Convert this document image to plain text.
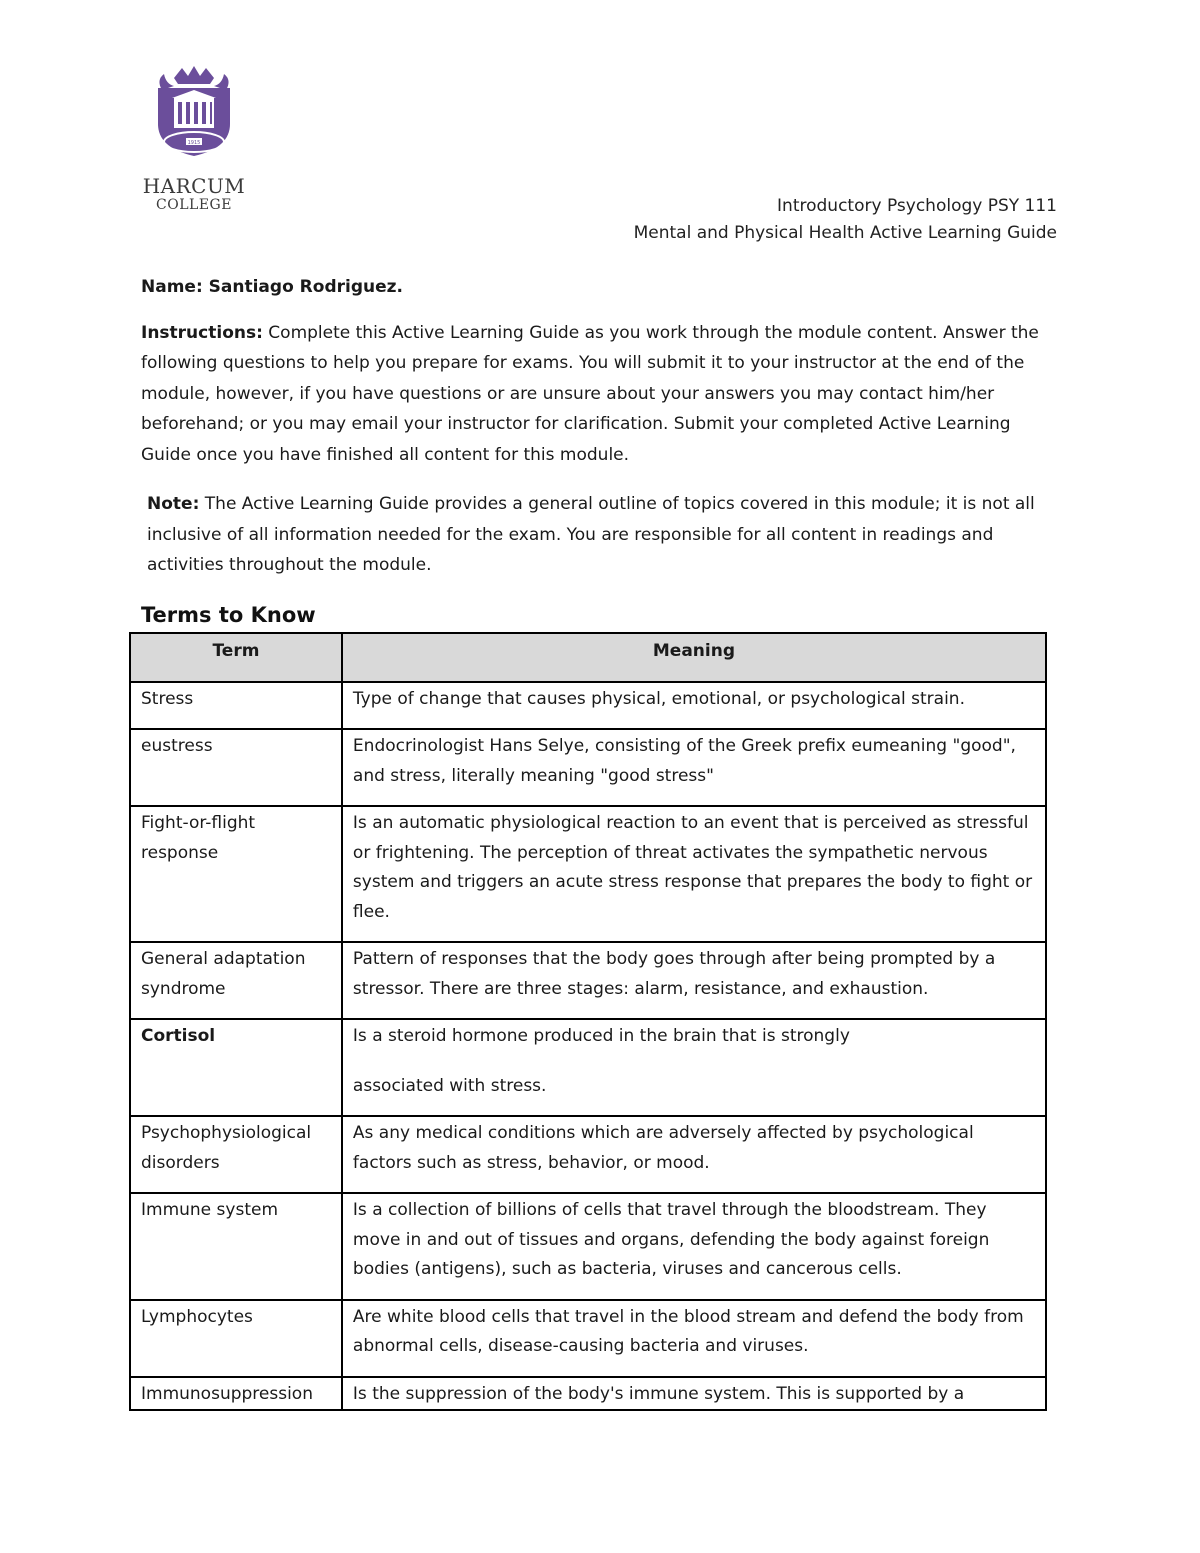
1915
HARCUM
COLLEGE	Introductory Psychology PSY 111
Mental and Physical Health Active Learning Guide

Name: Santiago Rodriguez.

Instructions: Complete this Active Learning Guide as you work through the module content. Answer the following questions to help you prepare for exams. You will submit it to your instructor at the end of the module, however, if you have questions or are unsure about your answers you may contact him/her beforehand; or you may email your instructor for clarification. Submit your completed Active Learning Guide once you have finished all content for this module.

Note: The Active Learning Guide provides a general outline of topics covered in this module; it is not all inclusive of all information needed for the exam. You are responsible for all content in readings and activities throughout the module.

Terms to Know
Term	Meaning
Stress	Type of change that causes physical, emotional, or psychological strain.
eustress	Endocrinologist Hans Selye, consisting of the Greek prefix eumeaning "good", and stress, literally meaning "good stress"
Fight-or-flight response	Is an automatic physiological reaction to an event that is perceived as stressful or frightening. The perception of threat activates the sympathetic nervous system and triggers an acute stress response that prepares the body to fight or flee.
General adaptation syndrome	Pattern of responses that the body goes through after being prompted by a stressor. There are three stages: alarm, resistance, and exhaustion.
Cortisol	Is a steroid hormone produced in the brain that is strongly
associated with stress.

Psychophysiological disorders	As any medical conditions which are adversely affected by psychological factors such as stress, behavior, or mood.
Immune system	Is a collection of billions of cells that travel through the bloodstream. They move in and out of tissues and organs, defending the body against foreign bodies (antigens), such as bacteria, viruses and cancerous cells.
Lymphocytes	Are white blood cells that travel in the blood stream and defend the body from abnormal cells, disease-causing bacteria and viruses.
Immunosuppression	Is the suppression of the body's immune system. This is supported by a
